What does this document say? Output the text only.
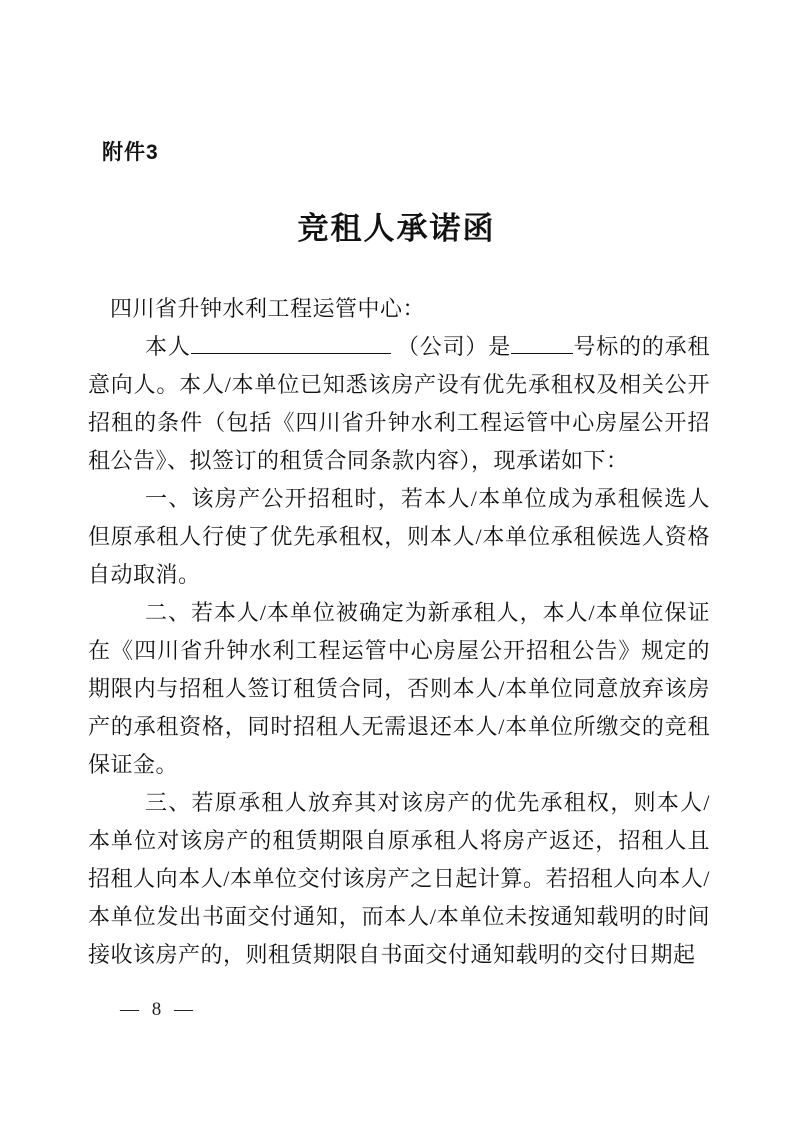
附件3
竞租人承诺函

四川省升钟水利工程运管中心：

本人	（公司）是	号标的的承租意向人。本人/本单位已知悉该房产设有优先承租权及相关公开招租的条件（包括《四川省升钟水利工程运管中心房屋公开招租公告》、拟签订的租赁合同条款内容），现承诺如下：

一、该房产公开招租时，若本人/本单位成为承租候选人但原承租人行使了优先承租权，则本人/本单位承租候选人资格自动取消。

二、若本人/本单位被确定为新承租人，本人/本单位保证在《四川省升钟水利工程运管中心房屋公开招租公告》规定的期限内与招租人签订租赁合同，否则本人/本单位同意放弃该房产的承租资格，同时招租人无需退还本人/本单位所缴交的竞租保证金。

三、若原承租人放弃其对该房产的优先承租权，则本人/本单位对该房产的租赁期限自原承租人将房产返还，招租人且招租人向本人/本单位交付该房产之日起计算。若招租人向本人/本单位发出书面交付通知，而本人/本单位未按通知载明的时间接收该房产的，则租赁期限自书面交付通知载明的交付日期起

— 8 —
